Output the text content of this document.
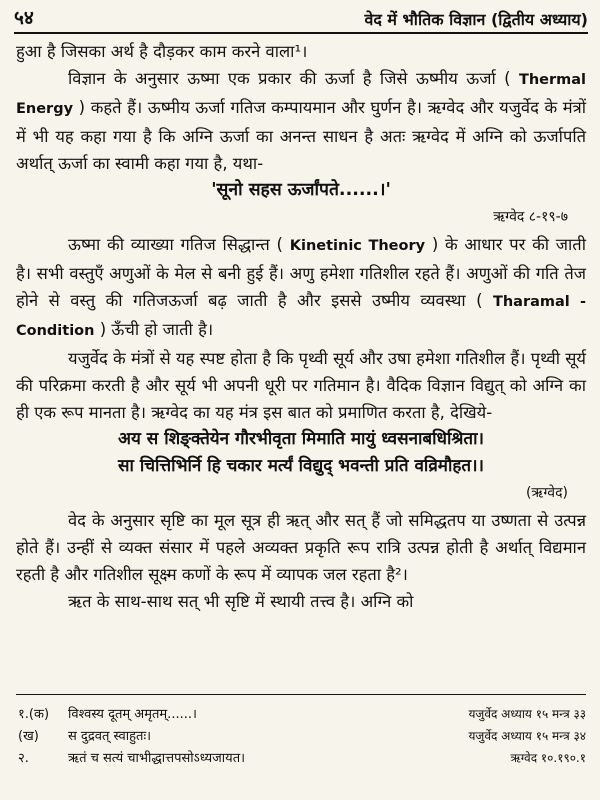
५४	वेद में भौतिक विज्ञान (द्वितीय अध्याय)

हुआ है जिसका अर्थ है दौड़कर काम करने वाला¹।

विज्ञान के अनुसार ऊष्मा एक प्रकार की ऊर्जा है जिसे ऊष्मीय ऊर्जा ( Thermal Energy ) कहते हैं। ऊष्मीय ऊर्जा गतिज कम्पायमान और घुर्णन है। ऋग्वेद और यजुर्वेद के मंत्रों में भी यह कहा गया है कि अग्नि ऊर्जा का अनन्त साधन है अतः ऋग्वेद में अग्नि को ऊर्जापति अर्थात् ऊर्जा का स्वामी कहा गया है, यथा-

'सूनो सहस ऊर्जांपते......।'

ऋग्वेद ८-१९-७

ऊष्मा की व्याख्या गतिज सिद्धान्त ( Kinetinic Theory ) के आधार पर की जाती है। सभी वस्तुएँ अणुओं के मेल से बनी हुई हैं। अणु हमेशा गतिशील रहते हैं। अणुओं की गति तेज होने से वस्तु की गतिजऊर्जा बढ़ जाती है और इससे उष्मीय व्यवस्था ( Tharamal - Condition ) ऊँची हो जाती है।

यजुर्वेद के मंत्रों से यह स्पष्ट होता है कि पृथ्वी सूर्य और उषा हमेशा गतिशील हैं। पृथ्वी सूर्य की परिक्रमा करती है और सूर्य भी अपनी धूरी पर गतिमान है। वैदिक विज्ञान विद्युत् को अग्नि का ही एक रूप मानता है। ऋग्वेद का यह मंत्र इस बात को प्रमाणित करता है, देखिये-

अय स शिङ्क्तेयेन गौरभीवृता मिमाति मायुं ध्वसनाबधिश्रिता।

सा चित्तिभिर्नि हि चकार मर्त्यं विद्युद् भवन्ती प्रति वव्रिमौहत।।

(ऋग्वेद)

वेद के अनुसार सृष्टि का मूल सूत्र ही ऋत् और सत् हैं जो समिद्धतप या उष्णता से उत्पन्न होते हैं। उन्हीं से व्यक्त संसार में पहले अव्यक्त प्रकृति रूप रात्रि उत्पन्न होती है अर्थात् विद्यमान रहती है और गतिशील सूक्ष्म कणों के रूप में व्यापक जल रहता है²।

ऋत के साथ-साथ सत् भी सृष्टि में स्थायी तत्त्व है। अग्नि को

१.(क)	विश्वस्य दूतम् अमृतम्......।	यजुर्वेद अध्याय १५ मन्त्र ३३
(ख)	स दुद्रवत् स्वाहुतः।	यजुर्वेद अध्याय १५ मन्त्र ३४
२.	ऋतं च सत्यं चाभीद्धात्तपसोऽध्यजायत।	ऋग्वेद १०.१९०.१
